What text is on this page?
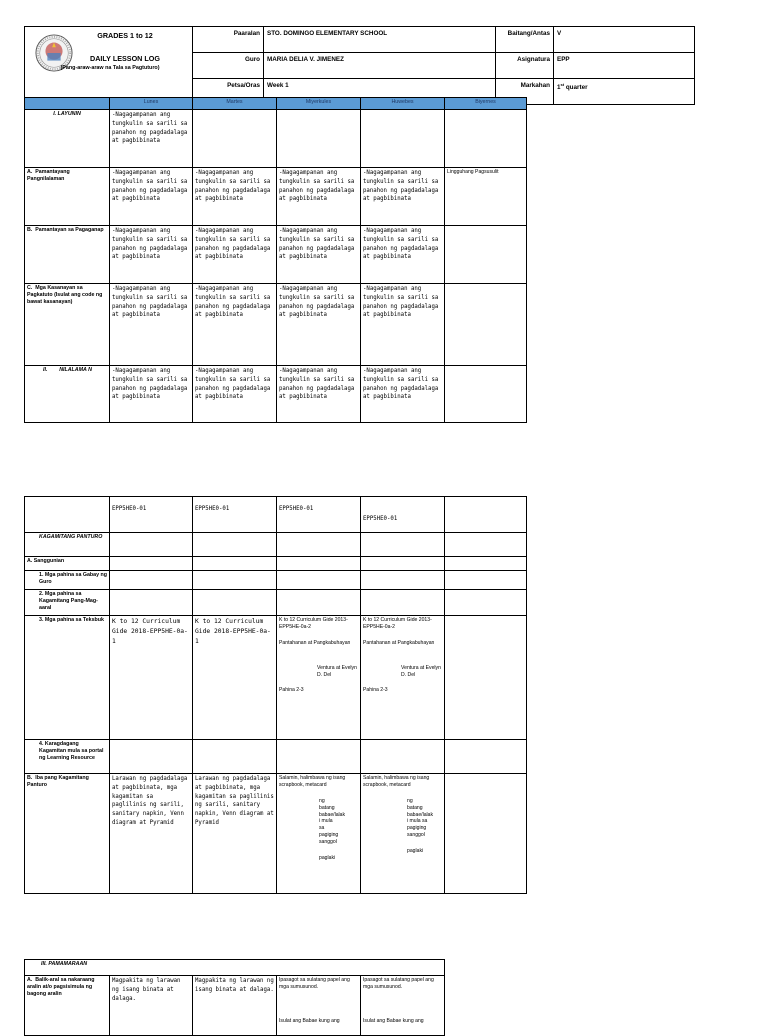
GRADES 1 to 12
DAILY LESSON LOG
(Pang-araw-araw na Tala sa Pagtuturo)	Paaralan	STO. DOMINGO ELEMENTARY SCHOOL	Baitang/Antas	V
	Guro	MARIA DELIA V. JIMENEZ	Asignatura	EPP
	Petsa/Oras	Week 1	Markahan	1st quarter
	Lunes	Martes	Miyerkules	Huwebes	Biyernes
I. LAYUNIN	-Nagagampanan ang tungkulin sa sarili sa panahon ng pagdadalaga at pagbibinata				
A. Pamantayang Pangnilalaman	-Nagagampanan ang tungkulin sa sarili sa panahon ng pagdadalaga at pagbibinata	-Nagagampanan ang tungkulin sa sarili sa panahon ng pagdadalaga at pagbibinata	-Nagagampanan ang tungkulin sa sarili sa panahon ng pagdadalaga at pagbibinata	-Nagagampanan ang tungkulin sa sarili sa panahon ng pagdadalaga at pagbibinata	Lingguhang Pagsusulit
B. Pamantayan sa Pagaganap	-Nagagampanan ang tungkulin sa sarili sa panahon ng pagdadalaga at pagbibinata	-Nagagampanan ang tungkulin sa sarili sa panahon ng pagdadalaga at pagbibinata	-Nagagampanan ang tungkulin sa sarili sa panahon ng pagdadalaga at pagbibinata	-Nagagampanan ang tungkulin sa sarili sa panahon ng pagdadalaga at pagbibinata	
C. Mga Kasanayan sa Pagkatuto (Isulat ang code ng bawat kasanayan)	-Nagagampanan ang tungkulin sa sarili sa panahon ng pagdadalaga at pagbibinata	-Nagagampanan ang tungkulin sa sarili sa panahon ng pagdadalaga at pagbibinata	-Nagagampanan ang tungkulin sa sarili sa panahon ng pagdadalaga at pagbibinata	-Nagagampanan ang tungkulin sa sarili sa panahon ng pagdadalaga at pagbibinata	
II. NILALAMA N	-Nagagampanan ang tungkulin sa sarili sa panahon ng pagdadalaga at pagbibinata	-Nagagampanan ang tungkulin sa sarili sa panahon ng pagdadalaga at pagbibinata	-Nagagampanan ang tungkulin sa sarili sa panahon ng pagdadalaga at pagbibinata	-Nagagampanan ang tungkulin sa sarili sa panahon ng pagdadalaga at pagbibinata	
	EPP5HE0-01	EPP5HE0-01	EPP5HE0-01	EPP5HE0-01	
KAGAMITANG PANTURO					
A. Sanggunian					
1. Mga pahina sa Gabay ng Guro					
2. Mga pahina sa Kagamitang Pang-Mag-aaral					
3. Mga pahina sa Teksbuk	K to 12 Curriculum Gide 2018-EPP5HE-0a-1	K to 12 Curriculum Gide 2018-EPP5HE-0a-1	K to 12 Curriculum Gide 2013-EPP5HE-0a-2
Pantahanan at Pangkabuhayan
Ventura at Evelyn D. Del
Pahina 2-3	K to 12 Curriculum Gide 2013-EPP5HE-0a-2
Pantahanan at Pangkabuhayan
Ventura at Evelyn D. Del
Pahina 2-3	
4. Karagdagang Kagamitan mula sa portal ng Learning Resource					
B. Iba pang Kagamitang Panturo	Larawan ng pagdadalaga at pagbibinata, mga kagamitan sa paglilinis ng sarili, sanitary napkin, Venn diagram at Pyramid	Larawan ng pagdadalaga at pagbibinata, mga kagamitan sa paglilinis ng sarili, sanitary napkin, Venn diagram at Pyramid	Salamin, halimbawa ng isang scrapbook, metacard
ng batang babae/lalak i mula sa pagiging sanggol
paglaki	Salamin, halimbawa ng isang scrapbook, metacard
ng batang babae/lalak i mula sa pagiging sanggol
paglaki	

III. PAMAMARAAN					
A. Balik-aral sa nakaraang aralin at/o pagsisimula ng bagong aralin	Magpakita ng larawan ng isang binata at dalaga.	Magpakita ng larawan ng isang binata at dalaga.	Ipasagot sa sulatang papel ang mga sumusunod.
Isulat ang Babae kung ang	Ipasagot sa sulatang papel ang mga sumusunod.
Isulat ang Babae kung ang	
